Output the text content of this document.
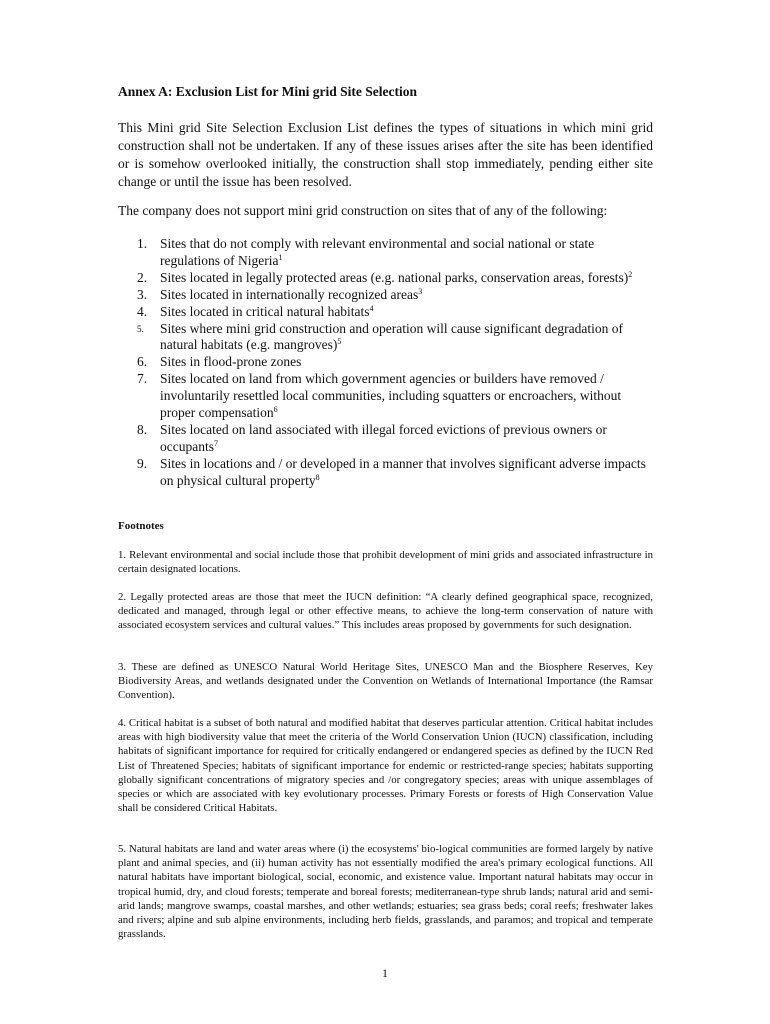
Annex A: Exclusion List for Mini grid Site Selection

This Mini grid Site Selection Exclusion List defines the types of situations in which mini grid construction shall not be undertaken. If any of these issues arises after the site has been identified or is somehow overlooked initially, the construction shall stop immediately, pending either site change or until the issue has been resolved.

The company does not support mini grid construction on sites that of any of the following:

1. Sites that do not comply with relevant environmental and social national or state regulations of Nigeria$^1$
2. Sites located in legally protected areas (e.g. national parks, conservation areas, forests)$^2$
3. Sites located in internationally recognized areas$^3$
4. Sites located in critical natural habitats$^4$
5. Sites where mini grid construction and operation will cause significant degradation of natural habitats (e.g. mangroves)$^5$
6. Sites in flood-prone zones
7. Sites located on land from which government agencies or builders have removed / involuntarily resettled local communities, including squatters or encroachers, without proper compensation$^6$
8. Sites located on land associated with illegal forced evictions of previous owners or occupants$^7$
9. Sites in locations and / or developed in a manner that involves significant adverse impacts on physical cultural property$^8$
Footnotes

1. Relevant environmental and social include those that prohibit development of mini grids and associated infrastructure in certain designated locations.

2. Legally protected areas are those that meet the IUCN definition: “A clearly defined geographical space, recognized, dedicated and managed, through legal or other effective means, to achieve the long-term conservation of nature with associated ecosystem services and cultural values.” This includes areas proposed by governments for such designation.

3. These are defined as UNESCO Natural World Heritage Sites, UNESCO Man and the Biosphere Reserves, Key Biodiversity Areas, and wetlands designated under the Convention on Wetlands of International Importance (the Ramsar Convention).

4. Critical habitat is a subset of both natural and modified habitat that deserves particular attention. Critical habitat includes areas with high biodiversity value that meet the criteria of the World Conservation Union (IUCN) classification, including habitats of significant importance for required for critically endangered or endangered species as defined by the IUCN Red List of Threatened Species; habitats of significant importance for endemic or restricted-range species; habitats supporting globally significant concentrations of migratory species and /or congregatory species; areas with unique assemblages of species or which are associated with key evolutionary processes. Primary Forests or forests of High Conservation Value shall be considered Critical Habitats.

5. Natural habitats are land and water areas where (i) the ecosystems' bio-logical communities are formed largely by native plant and animal species, and (ii) human activity has not essentially modified the area's primary ecological functions. All natural habitats have important biological, social, economic, and existence value. Important natural habitats may occur in tropical humid, dry, and cloud forests; temperate and boreal forests; mediterranean-type shrub lands; natural arid and semi-arid lands; mangrove swamps, coastal marshes, and other wetlands; estuaries; sea grass beds; coral reefs; freshwater lakes and rivers; alpine and sub alpine environments, including herb fields, grasslands, and paramos; and tropical and temperate grasslands.

1
